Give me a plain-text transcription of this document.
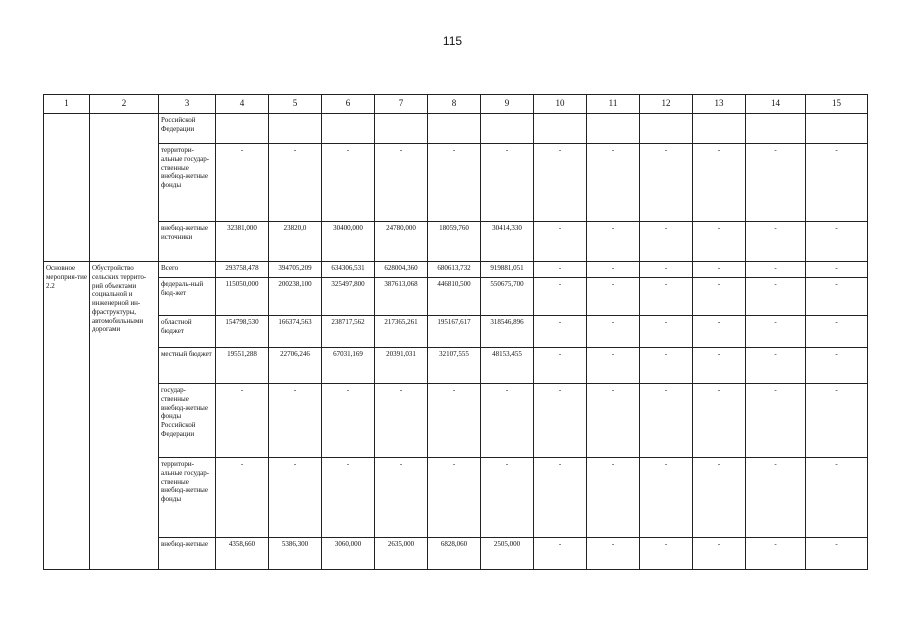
115
1	2	3	4	5	6	7	8	9	10	11	12	13	14	15
		Российской Федерации												
		территори-альные государ-ственные внебюд-жетные фонды	-	-	-	-	-	-	-	-	-	-	-	-
		внебюд-жетные источники	32381,000	23820,0	30400,000	24780,000	18059,760	30414,330	-	-	-	-	-	-
Основное мероприя-тие 2.2	Обустройство сельских террито-рий объектами социальной и инженерной ин-фраструктуры, автомобильными дорогами	Всего	293758,478	394705,209	634306,531	628004,360	680613,732	919881,051	-	-	-	-	-	-
		федераль-ный бюд-жет	115050,000	200238,100	325497,800	387613,068	446810,500	550675,700	-	-	-	-	-	-
		областной бюджет	154798,530	166374,563	238717,562	217365,261	195167,617	318546,896	-	-	-	-	-	-
		местный бюджет	19551,288	22706,246	67031,169	20391,031	32107,555	48153,455	-	-	-	-	-	-
		государ-ственные внебюд-жетные фонды Российской Федерации	-	-	-	-	-	-	-	-	-	-	-	-
		территори-альные государ-ственные внебюд-жетные фонды	-	-	-	-	-	-	-	-	-	-	-	-
		внебюд-жетные	4358,660	5386,300	3060,000	2635,000	6828,060	2505,000	-	-	-	-	-	-
